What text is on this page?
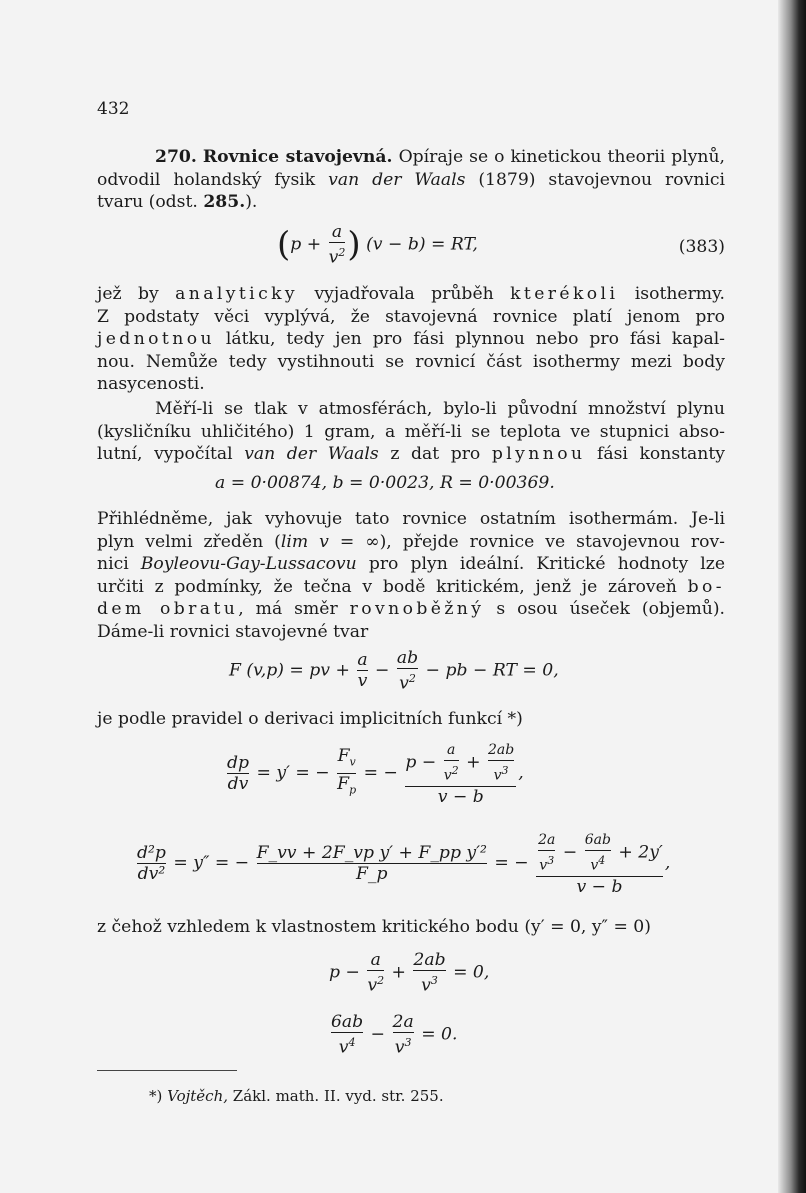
432
270. Rovnice stavojevná. Opíraje se o kinetickou theorii plynů,
odvodil holandský fysik van der Waals (1879) stavojevnou rovnici
tvaru (odst. 285.).
($p + \frac{a}{v^2}$ ) (v − b) = RT,	(383)
jež by analyticky vyjadřovala průběh kterékoli isothermy.
Z podstaty věci vyplývá, že stavojevná rovnice platí jenom pro
jednotnou látku, tedy jen pro fási plynnou nebo pro fási kapal-
nou. Nemůže tedy vystihnouti se rovnicí část isothermy mezi body
nasycenosti.
Měří-li se tlak v atmosférách, bylo-li původní množství plynu
(kysličníku uhličitého) 1 gram, a měří-li se teplota ve stupnici abso-
lutní, vypočítal van der Waals z dat pro plynnou fási konstanty
a = 0·00874, b = 0·0023, R = 0·00369.
Přihlédněme, jak vyhovuje tato rovnice ostatním isothermám. Je-li
plyn velmi zředěn (lim v = ∞), přejde rovnice ve stavojevnou rov-
nici Boyleovu-Gay-Lussacovu pro plyn ideální. Kritické hodnoty lze
určiti z podmínky, že tečna v bodě kritickém, jenž je zároveň bo-
dem obratu, má směr rovnoběžný s osou úseček (objemů).
Dáme-li rovnici stavojevné tvar
F (v,p) = pv + $\frac{a}{v} - \frac{ab}{v^2}$ − pb − RT = 0,
je podle pravidel o derivaci implicitních funkcí *)
$\frac{dp}{dv} = y'$ = − $\frac{F_v}{F_p}$ = − $\frac{p - \frac{a}{v^2} + \frac{2ab}{v^3}}{v - b}$ ,
$\frac{\text{d²p}}{\text{dv²}} = y''$ = − $\frac{\text{F\_vv + 2F\_vp y′ + F\_pp y′²}}{F\_p}$ = − $\frac{\frac{2a}{v^3} - \frac{6ab}{v^4} + 2y'}{v - b}$ ,
z čehož vzhledem k vlastnostem kritického bodu (y′ = 0, y″ = 0)
$p - \frac{a}{v^2} + \frac{2ab}{v^3} = 0$,
$\frac{6ab}{v^4} - \frac{2a}{v^3} = 0$.
*) Vojtěch, Zákl. math. II. vyd. str. 255.
